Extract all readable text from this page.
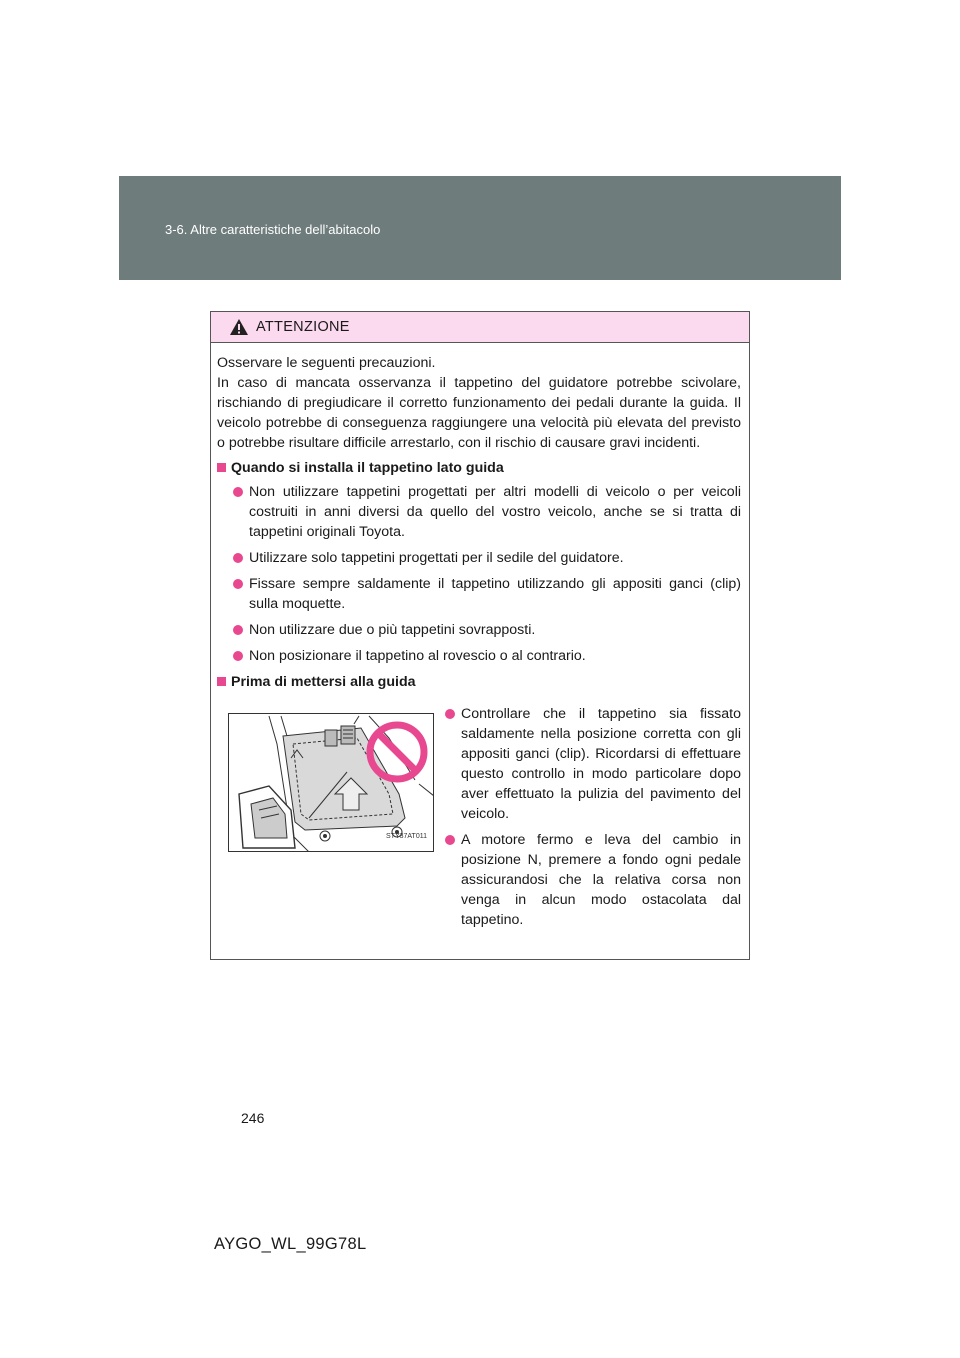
3-6. Altre caratteristiche dell’abitacolo
ATTENZIONE

Osservare le seguenti precauzioni.

In caso di mancata osservanza il tappetino del guidatore potrebbe scivolare, rischiando di pregiudicare il corretto funzionamento dei pedali durante la guida. Il veicolo potrebbe di conseguenza raggiungere una velocità più elevata del previsto o potrebbe risultare difficile arrestarlo, con il rischio di causare gravi incidenti.

Quando si installa il tappetino lato guida
Non utilizzare tappetini progettati per altri modelli di veicolo o per veicoli costruiti in anni diversi da quello del vostro veicolo, anche se si tratta di tappetini originali Toyota.
Utilizzare solo tappetini progettati per il sedile del guidatore.
Fissare sempre saldamente il tappetino utilizzando gli appositi ganci (clip) sulla moquette.
Non utilizzare due o più tappetini sovrapposti.
Non posizionare il tappetino al rovescio o al contrario.
Prima di mettersi alla guida
STY37AT011
Controllare che il tappetino sia fissato saldamente nella posizione corretta con gli appositi ganci (clip). Ricordarsi di effettuare questo controllo in modo particolare dopo aver effettuato la pulizia del pavimento del veicolo.
A motore fermo e leva del cambio in posizione N, premere a fondo ogni pedale assicurandosi che la relativa corsa non venga in alcun modo ostacolata dal tappetino.
246
AYGO_WL_99G78L
